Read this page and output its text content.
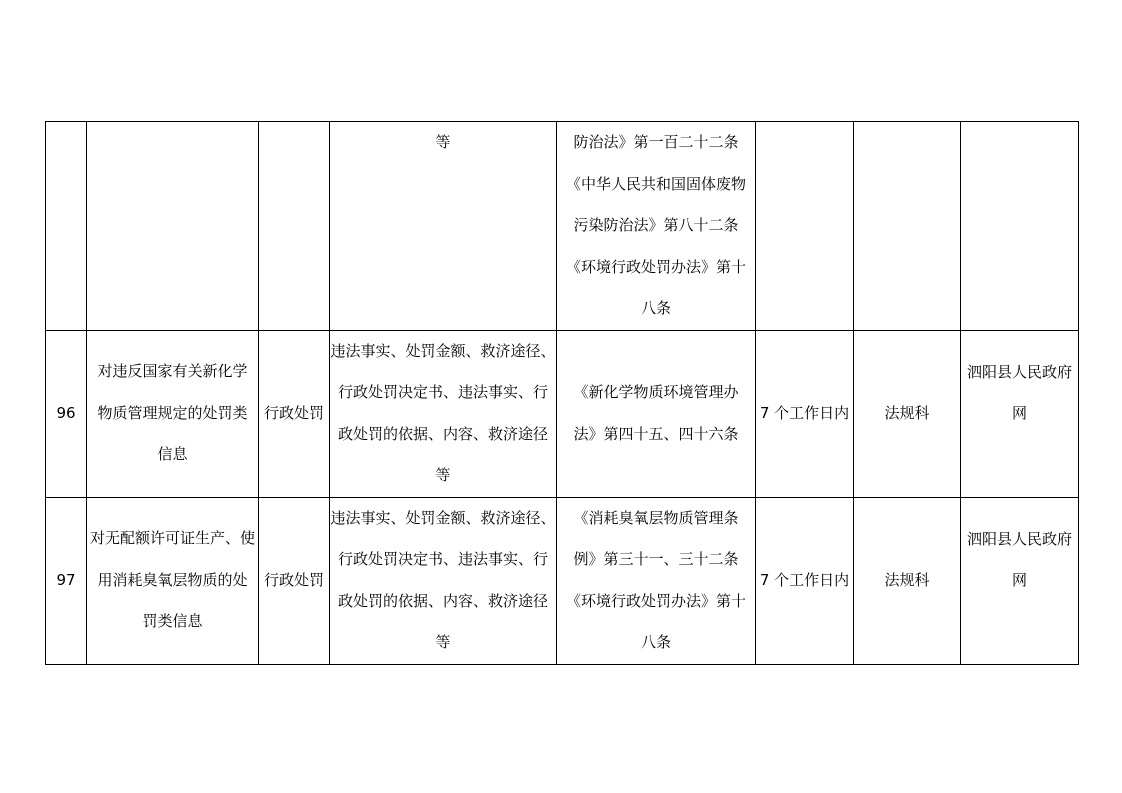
			等	防治法》第一百二十二条
《中华人民共和国固体废物
污染防治法》第八十二条
《环境行政处罚办法》第十
八条			

96	对违反国家有关新化学
物质管理规定的处罚类
信息	行政处罚	违法事实、处罚金额、救济途径、
行政处罚决定书、违法事实、行
政处罚的依据、内容、救济途径
等	《新化学物质环境管理办
法》第四十五、四十六条	7 个工作日内	法规科	泗阳县人民政府
网

97	对无配额许可证生产、使
用消耗臭氧层物质的处
罚类信息	行政处罚	违法事实、处罚金额、救济途径、
行政处罚决定书、违法事实、行
政处罚的依据、内容、救济途径
等	《消耗臭氧层物质管理条
例》第三十一、三十二条
《环境行政处罚办法》第十
八条	7 个工作日内	法规科	泗阳县人民政府
网
